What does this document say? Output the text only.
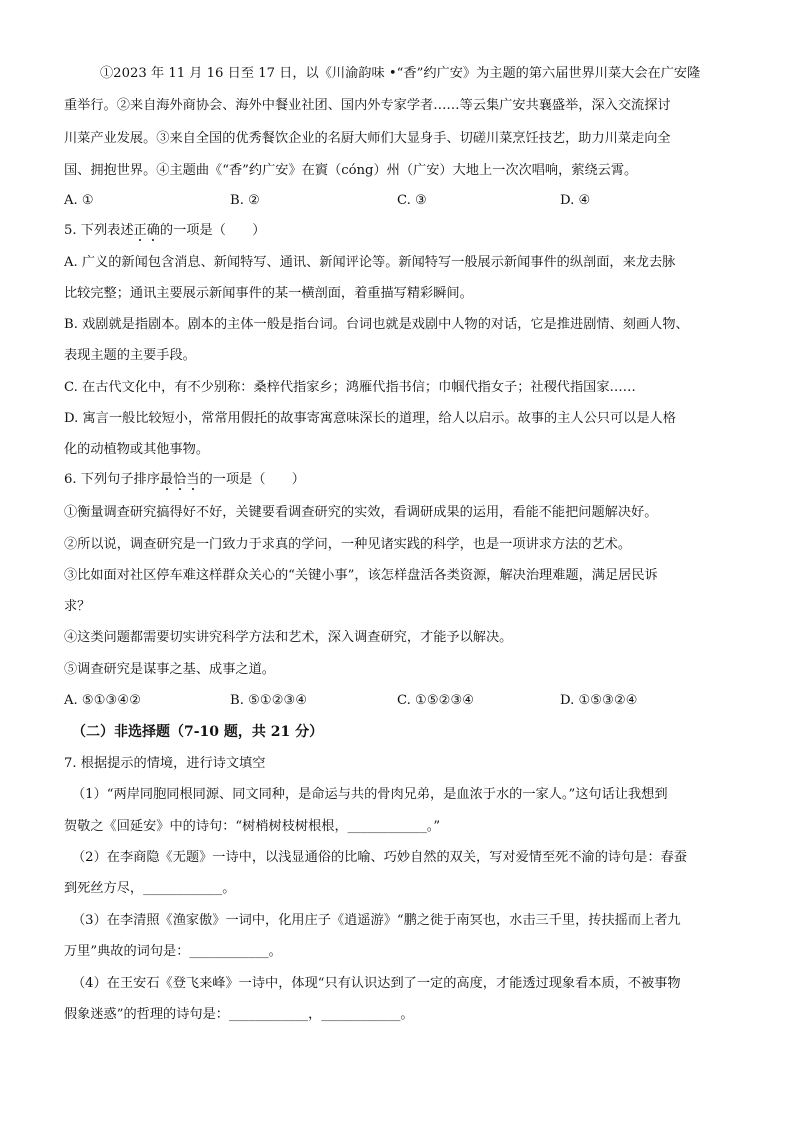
①2023 年 11 月 16 日至 17 日，以《川渝韵味 •“香”约广安》为主题的第六届世界川菜大会在广安隆
重举行。②来自海外商协会、海外中餐业社团、国内外专家学者……等云集广安共襄盛举，深入交流探讨
川菜产业发展。③来自全国的优秀餐饮企业的名厨大师们大显身手、切磋川菜烹饪技艺，助力川菜走向全
国、拥抱世界。④主题曲《“香”约广安》在賨（cóng）州（广安）大地上一次次唱响，萦绕云霄。
A. ①	B. ②	C. ③	D. ④
5. 下列表述正确的一项是（　　）
A. 广义的新闻包含消息、新闻特写、通讯、新闻评论等。新闻特写一般展示新闻事件的纵剖面，来龙去脉
比较完整；通讯主要展示新闻事件的某一横剖面，着重描写精彩瞬间。
B. 戏剧就是指剧本。剧本的主体一般是指台词。台词也就是戏剧中人物的对话，它是推进剧情、刻画人物、
表现主题的主要手段。
C. 在古代文化中，有不少别称：桑梓代指家乡；鸿雁代指书信；巾帼代指女子；社稷代指国家……
D. 寓言一般比较短小，常常用假托的故事寄寓意味深长的道理，给人以启示。故事的主人公只可以是人格
化的动植物或其他事物。
6. 下列句子排序最恰当的一项是（　　）
①衡量调查研究搞得好不好，关键要看调查研究的实效，看调研成果的运用，看能不能把问题解决好。
②所以说，调查研究是一门致力于求真的学问，一种见诸实践的科学，也是一项讲求方法的艺术。
③比如面对社区停车难这样群众关心的“关键小事”，该怎样盘活各类资源，解决治理难题，满足居民诉
求？
④这类问题都需要切实讲究科学方法和艺术，深入调查研究，才能予以解决。
⑤调查研究是谋事之基、成事之道。
A. ⑤①③④②	B. ⑤①②③④	C. ①⑤②③④	D. ①⑤③②④
（二）非选择题（7-10 题，共 21 分）
7. 根据提示的情境，进行诗文填空
（1）“两岸同胞同根同源、同文同种，是命运与共的骨肉兄弟，是血浓于水的一家人。”这句话让我想到
贺敬之《回延安》中的诗句：“树梢树枝树根根，____________。”
（2）在李商隐《无题》一诗中，以浅显通俗的比喻、巧妙自然的双关，写对爱情至死不渝的诗句是：春蚕
到死丝方尽，____________。
（3）在李清照《渔家傲》一词中，化用庄子《逍遥游》“鹏之徙于南冥也，水击三千里，抟扶摇而上者九
万里”典故的词句是：____________。
（4）在王安石《登飞来峰》一诗中，体现“只有认识达到了一定的高度，才能透过现象看本质，不被事物
假象迷惑”的哲理的诗句是：____________，____________。
